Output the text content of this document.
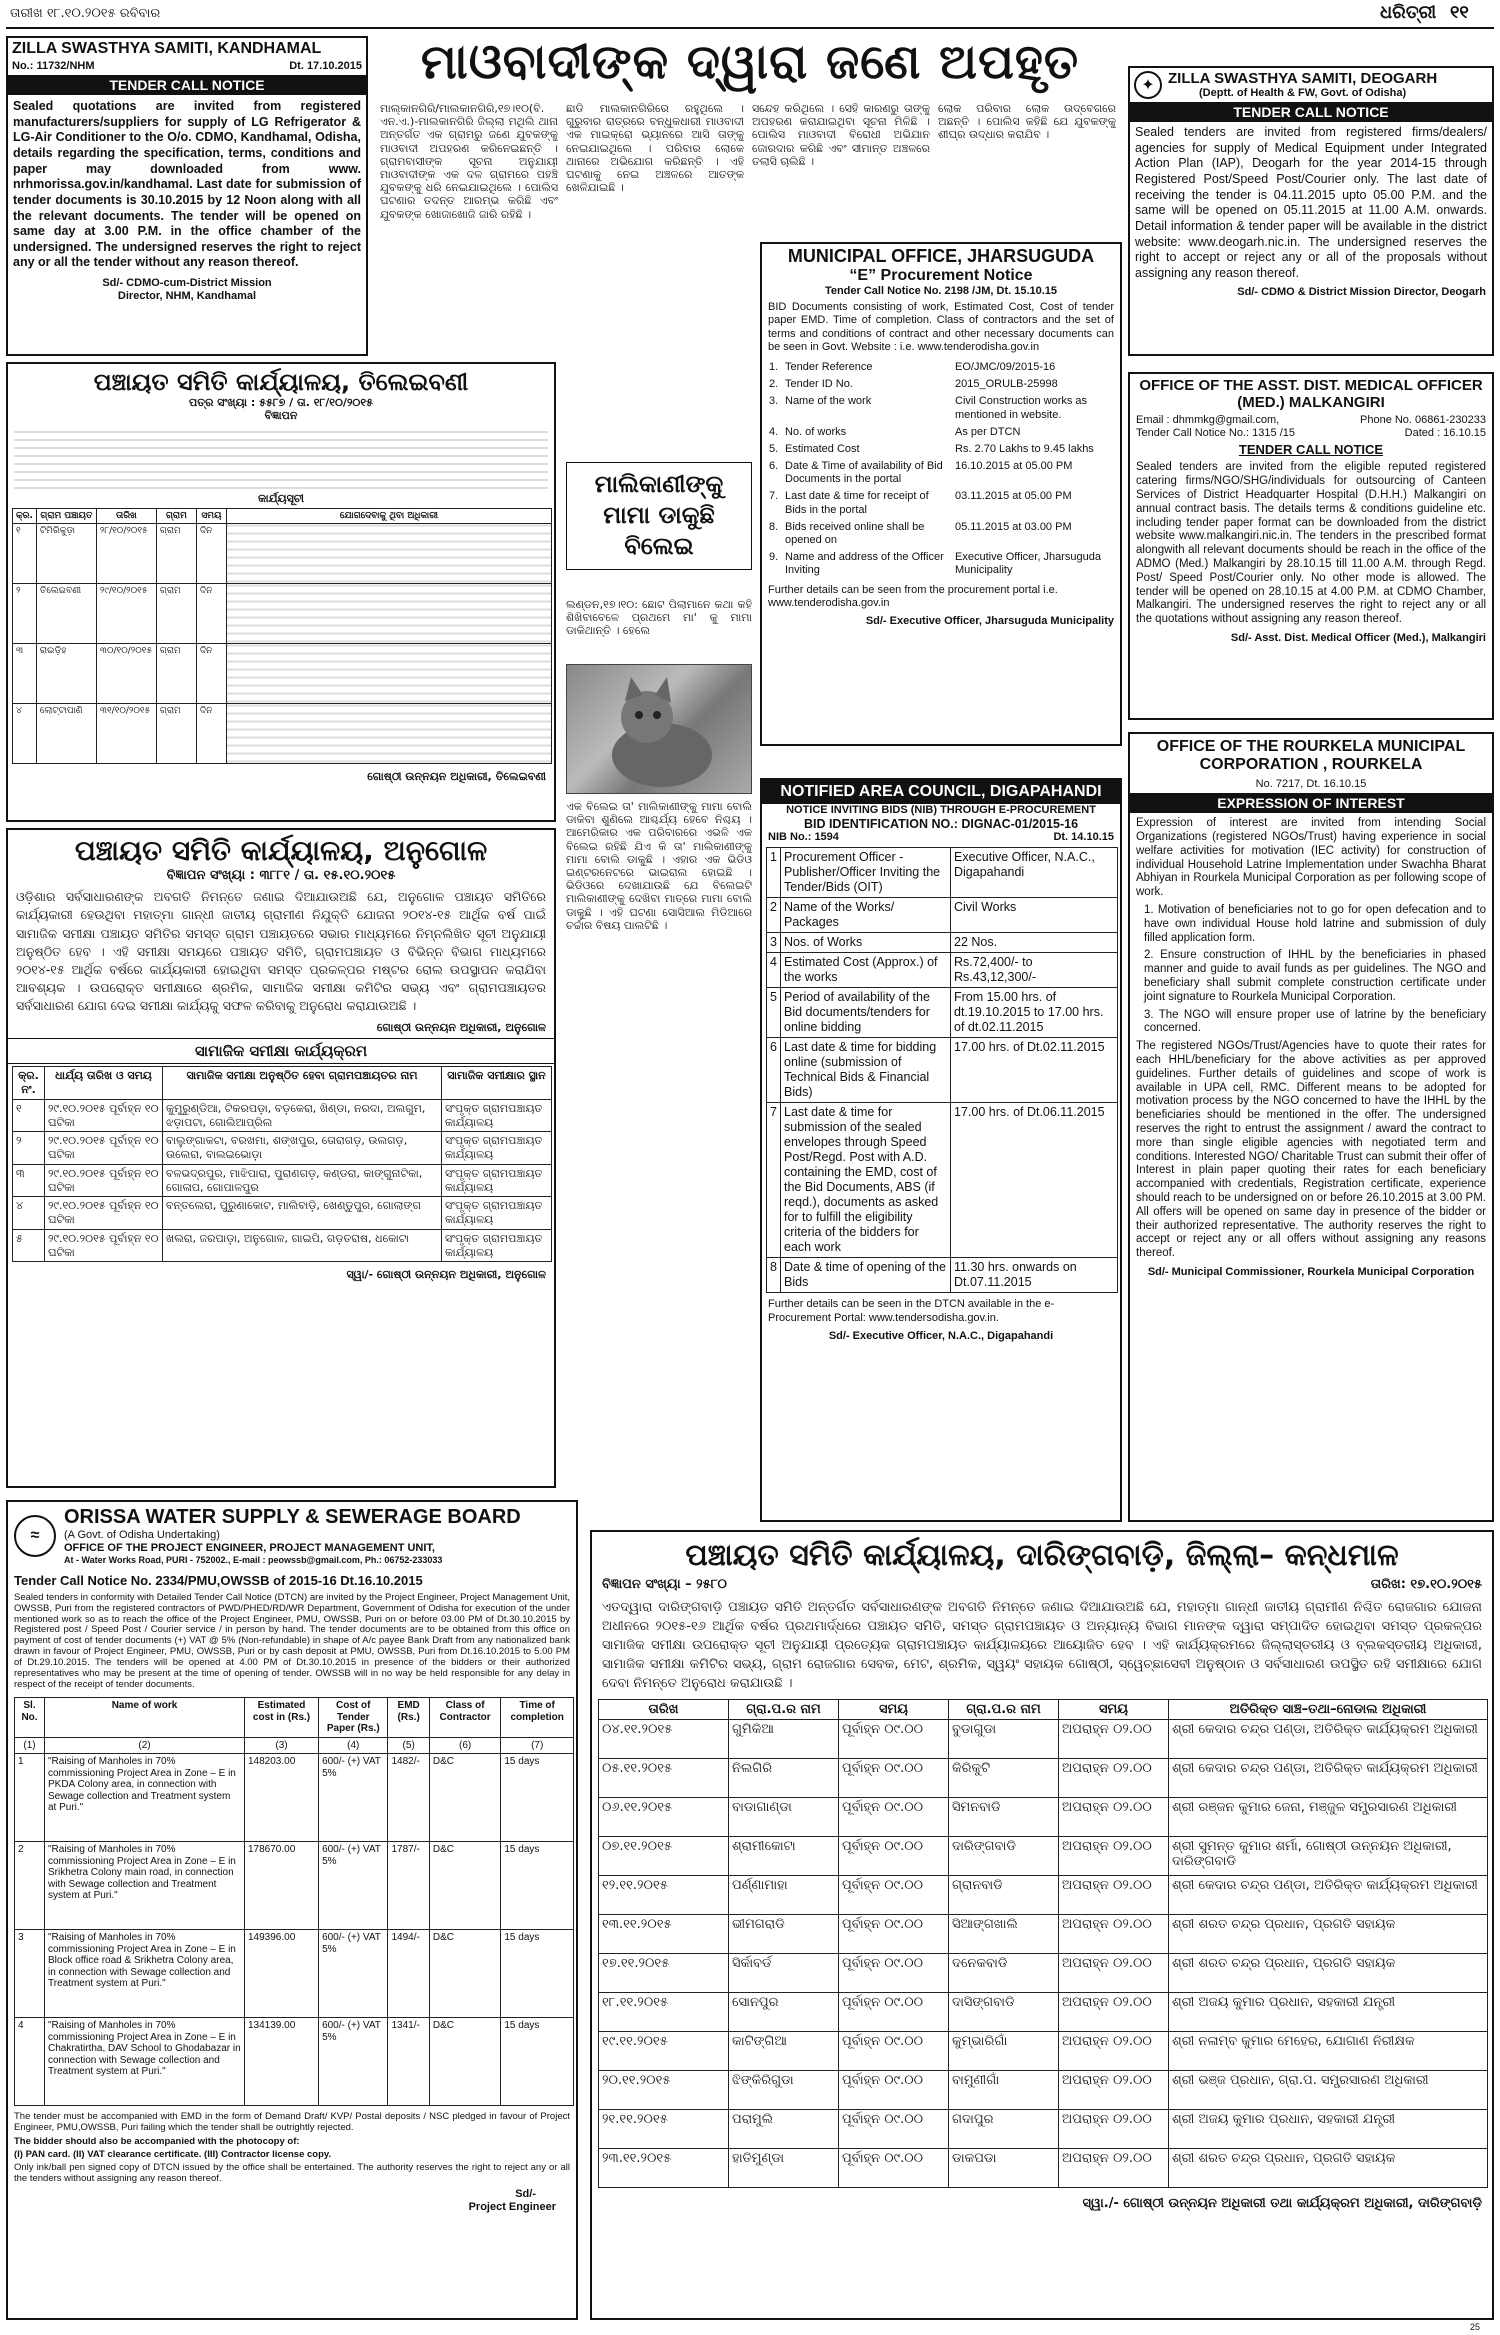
ତାରୀଖ ୧୮.୧୦.୨୦୧୫ ରବିବାର	ଧରିତ୍ରୀ ୧୧
ZILLA SWASTHYA SAMITI, KANDHAMAL
No.: 11732/NHM	Dt. 17.10.2015
TENDER CALL NOTICE
Sealed quotations are invited from registered manufacturers/suppliers for supply of LG Refrigerator & LG-Air Conditioner to the O/o. CDMO, Kandhamal, Odisha, details regarding the specification, terms, conditions and paper may downloaded from www. nrhmorissa.gov.in/kandhamal. Last date for submission of tender documents is 30.10.2015 by 12 Noon along with all the relevant documents. The tender will be opened on same day at 3.00 P.M. in the office chamber of the undersigned. The undersigned reserves the right to reject any or all the tender without any reason thereof.
Sd/- CDMO-cum-District Mission
Director, NHM, Kandhamal
ମାଓବାଦୀଙ୍କ ଦ୍ୱାରା ଜଣେ ଅପହୃତ
ମାଲ୍କାନଗିରି/ମାଲକାନଗିରି,୧୭।୧୦(ବି. ଏନ.ଏ.)-ମାଲକାନଗିରି ଜିଲ୍ଲା ମଥିଲି ଥାନା ଅନ୍ତର୍ଗତ ଏକ ଗ୍ରାମରୁ ଜଣେ ଯୁବକଙ୍କୁ ମାଓବାଦୀ ଅପହରଣ କରିନେଇଛନ୍ତି । ଗ୍ରାମବାସୀଙ୍କ ସୂଚନା ଅନୁଯାୟୀ ମାଓବାଦୀଙ୍କ ଏକ ଦଳ ଗ୍ରାମରେ ପହଞ୍ଚି ଯୁବକଙ୍କୁ ଧରି ନେଇଯାଇଥିଲେ । ପୋଲିସ ଘଟଣାର ତଦନ୍ତ ଆରମ୍ଭ କରିଛି ଏବଂ ଯୁବକଙ୍କ ଖୋଜାଖୋଜି ଜାରି ରହିଛି ।
ଛାଡି ମାଲକାନଗିରିରେ ରହୁଥିଲେ । ଗୁରୁବାର ରାତ୍ରରେ ବନ୍ଧୁକଧାରୀ ମାଓବାଦୀ ଏକ ମାଇକ୍ରୋ ଭ୍ୟାନରେ ଆସି ତାଙ୍କୁ ନେଇଯାଇଥିଲେ । ପରିବାର ଲୋକେ ଥାନାରେ ଅଭିଯୋଗ କରିଛନ୍ତି । ଏହି ଘଟଣାକୁ ନେଇ ଅଞ୍ଚଳରେ ଆତଙ୍କ ଖେଳିଯାଇଛି ।
ସନ୍ଦେହ କରିଥିଲେ । ସେହି କାରଣରୁ ତାଙ୍କୁ ଅପହରଣ କରାଯାଇଥିବା ସୂଚନା ମିଳିଛି । ପୋଲିସ ମାଓବାଦୀ ବିରୋଧୀ ଅଭିଯାନ ଜୋରଦାର କରିଛି ଏବଂ ସୀମାନ୍ତ ଅଞ୍ଚଳରେ ତଲାସି ଚାଲିଛି ।
ଲୋକ ପରିବାର ଲୋକ ଉଦ୍ବେଗରେ ଅଛନ୍ତି । ପୋଲିସ କହିଛି ଯେ ଯୁବକଙ୍କୁ ଶୀଘ୍ର ଉଦ୍ଧାର କରାଯିବ ।
✦ ZILLA SWASTHYA SAMITI, DEOGARH
(Deptt. of Health & FW, Govt. of Odisha)
TENDER CALL NOTICE
Sealed tenders are invited from registered firms/dealers/ agencies for supply of Medical Equipment under Integrated Action Plan (IAP), Deogarh for the year 2014-15 through Registered Post/Speed Post/Courier only. The last date of receiving the tender is 04.11.2015 upto 05.00 P.M. and the same will be opened on 05.11.2015 at 11.00 A.M. onwards. Detail information & tender paper will be available in the district website: www.deogarh.nic.in. The undersigned reserves the right to accept or reject any or all of the proposals without assigning any reason thereof.
Sd/- CDMO & District Mission Director, Deogarh
ପଞ୍ଚାୟତ ସମିତି କାର୍ଯ୍ୟାଳୟ, ତିଲେଇବଣୀ
ପତ୍ର ସଂଖ୍ୟା : ୫୫୮୭ / ତା. ୧୮/୧୦/୨୦୧୫
ବିଜ୍ଞାପନ
କାର୍ଯ୍ୟସୂଚୀ
କ୍ର.	ଗ୍ରାମ ପଞ୍ଚାୟତ	ତାରିଖ	ଗ୍ରାମ	ସମୟ	ଯୋଗଦେବାକୁ ଥିବା ଅଧିକାରୀ
୧	ଟିମିରିକୁଡ଼ା	୨୮/୧୦/୨୦୧୫	ଗ୍ରାମ	ଦିନ	
୨	ତିଲେଇବଣୀ	୨୯/୧୦/୨୦୧୫	ଗ୍ରାମ	ଦିନ	
୩	ରାଇଡ଼ିହ	୩୦/୧୦/୨୦୧୫	ଗ୍ରାମ	ଦିନ	
୪	ଲୋଟ୍ଟାପାଣି	୩୧/୧୦/୨୦୧୫	ଗ୍ରାମ	ଦିନ	
ଗୋଷ୍ଠୀ ଉନ୍ନୟନ ଅଧିକାରୀ, ତିଲେଇବଣୀ
MUNICIPAL OFFICE, JHARSUGUDA
“E” Procurement Notice
Tender Call Notice No. 2198 /JM, Dt. 15.10.15
BID Documents consisting of work, Estimated Cost, Cost of tender paper EMD. Time of completion. Class of contractors and the set of terms and conditions of contract and other necessary documents can be seen in Govt. Website : i.e. www.tenderodisha.gov.in
1.	Tender Reference	EO/JMC/09/2015-16
2.	Tender ID No.	2015_ORULB-25998
3.	Name of the work	Civil Construction works as mentioned in website.
4.	No. of works	As per DTCN
5.	Estimated Cost	Rs. 2.70 Lakhs to 9.45 lakhs
6.	Date & Time of availability of Bid Documents in the portal	16.10.2015 at 05.00 PM
7.	Last date & time for receipt of Bids in the portal	03.11.2015 at 05.00 PM
8.	Bids received online shall be opened on	05.11.2015 at 03.00 PM
9.	Name and address of the Officer Inviting	Executive Officer, Jharsuguda Municipality
Further details can be seen from the procurement portal i.e. www.tenderodisha.gov.in
Sd/- Executive Officer, Jharsuguda Municipality
ମାଲିକାଣୀଙ୍କୁ ମାମା ଡାକୁଛି ବିଲେଇ
ଲଣ୍ଡନ,୧୭।୧୦: ଛୋଟ ପିଲାମାନେ କଥା କହି ଶିଖିବାବେଳେ ପ୍ରଥମେ ମା' କୁ ମାମା ଡାକିଥାନ୍ତି । ହେଲେ
ଏକ ବିଲେଇ ତା' ମାଲିକାଣୀଙ୍କୁ ମାମା ବୋଲି ଡାକିବା ଶୁଣିଲେ ଆଶ୍ଚର୍ଯ୍ୟ ହେବେ ନିଶ୍ଚୟ । ଆମେରିକାର ଏକ ପରିବାରରେ ଏଭଳି ଏକ ବିଲେଇ ରହିଛି ଯିଏ କି ତା' ମାଲିକାଣୀଙ୍କୁ ମାମା ବୋଲି ଡାକୁଛି । ଏହାର ଏକ ଭିଡିଓ ଇଣ୍ଟରନେଟରେ ଭାଇରାଲ ହୋଇଛି । ଭିଡିଓରେ ଦେଖାଯାଉଛି ଯେ ବିଲେଇଟି ମାଲିକାଣୀଙ୍କୁ ଦେଖିବା ମାତ୍ରେ ମାମା ବୋଲି ଡାକୁଛି । ଏହି ଘଟଣା ସୋସିଆଲ ମିଡିଆରେ ଚର୍ଚ୍ଚାର ବିଷୟ ପାଲଟିଛି ।
OFFICE OF THE ASST. DIST. MEDICAL OFFICER (MED.) MALKANGIRI
Email : dhmmkg@gmail.com,	Phone No. 06861-230233
Tender Call Notice No.: 1315 /15	Dated : 16.10.15
TENDER CALL NOTICE
Sealed tenders are invited from the eligible reputed registered catering firms/NGO/SHG/individuals for outsourcing of Canteen Services of District Headquarter Hospital (D.H.H.) Malkangiri on annual contract basis. The details terms & conditions guideline etc. including tender paper format can be downloaded from the district website www.malkangiri.nic.in. The tenders in the prescribed format alongwith all relevant documents should be reach in the office of the ADMO (Med.) Malkangiri by 28.10.15 till 11.00 A.M. through Regd. Post/ Speed Post/Courier only. No other mode is allowed. The tender will be opened on 28.10.15 at 4.00 P.M. at CDMO Chamber, Malkangiri. The undersigned reserves the right to reject any or all the quotations without assigning any reason thereof.
Sd/- Asst. Dist. Medical Officer (Med.), Malkangiri
OFFICE OF THE ROURKELA MUNICIPAL CORPORATION , ROURKELA
No. 7217, Dt. 16.10.15
EXPRESSION OF INTEREST
Expression of interest are invited from intending Social Organizations (registered NGOs/Trust) having experience in social welfare activities for motivation (IEC activity) for construction of individual Household Latrine Implementation under Swachha Bharat Abhiyan in Rourkela Municipal Corporation as per following scope of work.
1. Motivation of beneficiaries not to go for open defecation and to have own individual House hold latrine and submission of duly filled application form.
2. Ensure construction of IHHL by the beneficiaries in phased manner and guide to avail funds as per guidelines. The NGO and beneficiary shall submit complete construction certificate under joint signature to Rourkela Municipal Corporation.
3. The NGO will ensure proper use of latrine by the beneficiary concerned.
The registered NGOs/Trust/Agencies have to quote their rates for each HHL/beneficiary for the above activities as per approved guidelines. Further details of guidelines and scope of work is available in UPA cell, RMC. Different means to be adopted for motivation process by the NGO concerned to have the IHHL by the beneficiaries should be mentioned in the offer. The undersigned reserves the right to entrust the assignment / award the contract to more than single eligible agencies with negotiated term and conditions. Interested NGO/ Charitable Trust can submit their offer of Interest in plain paper quoting their rates for each beneficiary accompanied with credentials, Registration certificate, experience should reach to be undersigned on or before 26.10.2015 at 3.00 PM. All offers will be opened on same day in presence of the bidder or their authorized representative. The authority reserves the right to accept or reject any or all offers without assigning any reasons thereof.
Sd/- Municipal Commissioner, Rourkela Municipal Corporation
NOTIFIED AREA COUNCIL, DIGAPAHANDI
NOTICE INVITING BIDS (NIB) THROUGH E-PROCUREMENT
BID IDENTIFICATION NO.: DIGNAC-01/2015-16
NIB No.: 1594	Dt. 14.10.15
1	Procurement Officer - Publisher/Officer Inviting the Tender/Bids (OIT)	Executive Officer, N.A.C., Digapahandi
2	Name of the Works/ Packages	Civil Works
3	Nos. of Works	22 Nos.
4	Estimated Cost (Approx.) of the works	Rs.72,400/- to Rs.43,12,300/-
5	Period of availability of the Bid documents/tenders for online bidding	From 15.00 hrs. of dt.19.10.2015 to 17.00 hrs. of dt.02.11.2015
6	Last date & time for bidding online (submission of Technical Bids & Financial Bids)	17.00 hrs. of Dt.02.11.2015
7	Last date & time for submission of the sealed envelopes through Speed Post/Regd. Post with A.D. containing the EMD, cost of the Bid Documents, ABS (if reqd.), documents as asked for to fulfill the eligibility criteria of the bidders for each work	17.00 hrs. of Dt.06.11.2015
8	Date & time of opening of the Bids	11.30 hrs. onwards on Dt.07.11.2015
Further details can be seen in the DTCN available in the e-Procurement Portal: www.tendersodisha.gov.in.
Sd/- Executive Officer, N.A.C., Digapahandi
ପଞ୍ଚାୟତ ସମିତି କାର୍ଯ୍ୟାଳୟ, ଅନୁଗୋଳ
ବିଜ୍ଞାପନ ସଂଖ୍ୟା : ୩୮୮୧ / ତା. ୧୫.୧୦.୨୦୧୫
ଓଡ଼ିଶାର ସର୍ବସାଧାରଣଙ୍କ ଅବଗତି ନିମନ୍ତେ ଜଣାଇ ଦିଆଯାଉଅଛି ଯେ, ଅନୁଗୋଳ ପଞ୍ଚାୟତ ସମିତିରେ କାର୍ଯ୍ୟକାରୀ ହେଉଥିବା ମହାତ୍ମା ଗାନ୍ଧୀ ଜାତୀୟ ଗ୍ରାମୀଣ ନିଯୁକ୍ତି ଯୋଜନା ୨୦୧୪-୧୫ ଆର୍ଥିକ ବର୍ଷ ପାଇଁ ସାମାଜିକ ସମୀକ୍ଷା ପଞ୍ଚାୟତ ସମିତିର ସମସ୍ତ ଗ୍ରାମ ପଞ୍ଚାୟତରେ ସଭାର ମାଧ୍ୟମରେ ନିମ୍ନଲିଖିତ ସୂଚୀ ଅନୁଯାୟୀ ଅନୁଷ୍ଠିତ ହେବ । ଏହି ସମୀକ୍ଷା ସମୟରେ ପଞ୍ଚାୟତ ସମିତି, ଗ୍ରାମପଞ୍ଚାୟତ ଓ ବିଭିନ୍ନ ବିଭାଗ ମାଧ୍ୟମରେ ୨୦୧୪-୧୫ ଆର୍ଥିକ ବର୍ଷରେ କାର୍ଯ୍ୟକାରୀ ହୋଇଥିବା ସମସ୍ତ ପ୍ରକଳ୍ପର ମଷ୍ଟର ରୋଲ ଉପସ୍ଥାପନ କରାଯିବା ଆବଶ୍ୟକ । ଉପରୋକ୍ତ ସମୀକ୍ଷାରେ ଶ୍ରମିକ, ସାମାଜିକ ସମୀକ୍ଷା କମିଟିର ସଭ୍ୟ ଏବଂ ଗ୍ରାମପଞ୍ଚାୟତର ସର୍ବସାଧାରଣ ଯୋଗ ଦେଇ ସମୀକ୍ଷା କାର୍ଯ୍ୟକୁ ସଫଳ କରିବାକୁ ଅନୁରୋଧ କରାଯାଉଅଛି ।
ଗୋଷ୍ଠୀ ଉନ୍ନୟନ ଅଧିକାରୀ, ଅନୁଗୋଳ
ସାମାଜିକ ସମୀକ୍ଷା କାର୍ଯ୍ୟକ୍ରମ
କ୍ର. ନଂ.	ଧାର୍ଯ୍ୟ ତାରିଖ ଓ ସମୟ	ସାମାଜିକ ସମୀକ୍ଷା ଅନୁଷ୍ଠିତ ହେବା ଗ୍ରାମପଞ୍ଚାୟତର ନାମ	ସାମାଜିକ ସମୀକ୍ଷାର ସ୍ଥାନ
୧	୨୯.୧୦.୨୦୧୫ ପୂର୍ବାହ୍ନ ୧୦ ଘଟିକା	କୁମୁରୁଣ୍ଡିଆ, ଟିକରପଡ଼ା, ବଡ଼କେରା, ଖିଣ୍ଡା, ନରଦା, ଅଲଗୁମ, ଝଡ଼ାପଟା, ଗୋଲିଆପ୍ରିଲ	ସଂପୃକ୍ତ ଗ୍ରାମପଞ୍ଚାୟତ କାର୍ଯ୍ୟାଳୟ
୨	୨୯.୧୦.୨୦୧୫ ପୂର୍ବାହ୍ନ ୧୦ ଘଟିକା	ବାଲୁଙ୍ଗାକଟା, ବରଖମା, ଶଙ୍ଖପୁର, ତୋରାଗଡ଼, ଉଲଗଡ଼, ଉଲେରା, ବାଲଇଭୋଡ଼ା	ସଂପୃକ୍ତ ଗ୍ରାମପଞ୍ଚାୟତ କାର୍ଯ୍ୟାଳୟ
୩	୨୯.୧୦.୨୦୧୫ ପୂର୍ବାହ୍ନ ୧୦ ଘଟିକା	ବଳଭଦ୍ରପୁର, ମାଝିପାରା, ପୁରାଣଗଡ଼, କଣ୍ଡରା, କାଙ୍ଗୁନାଟିକା, ଗୋଳାପ, ଗୋପାଳପୁର	ସଂପୃକ୍ତ ଗ୍ରାମପଞ୍ଚାୟତ କାର୍ଯ୍ୟାଳୟ
୪	୨୯.୧୦.୨୦୧୫ ପୂର୍ବାହ୍ନ ୧୦ ଘଟିକା	ବନ୍ତଲେରା, ପୁରୁଣାକୋଟ, ମାଲିବାଡ଼ି, ଖେଣ୍ଡୁପୁର, ଗୋଲାଙ୍ଗ	ସଂପୃକ୍ତ ଗ୍ରାମପଞ୍ଚାୟତ କାର୍ଯ୍ୟାଳୟ
୫	୨୯.୧୦.୨୦୧୫ ପୂର୍ବାହ୍ନ ୧୦ ଘଟିକା	ଖଲରା, ଜରପାଡ଼ା, ଅନୁଗୋଳ, ଗାଇପି, ଗଡ଼ତରାଷ, ଧକୋଟା	ସଂପୃକ୍ତ ଗ୍ରାମପଞ୍ଚାୟତ କାର୍ଯ୍ୟାଳୟ
ସ୍ୱା/- ଗୋଷ୍ଠୀ ଉନ୍ନୟନ ଅଧିକାରୀ, ଅନୁଗୋଳ
≈
ORISSA WATER SUPPLY & SEWERAGE BOARD
(A Govt. of Odisha Undertaking)
OFFICE OF THE PROJECT ENGINEER, PROJECT MANAGEMENT UNIT,
At - Water Works Road, PURI - 752002., E-mail : peowssb@gmail.com, Ph.: 06752-233033
Tender Call Notice No. 2334/PMU,OWSSB of 2015-16 Dt.16.10.2015
Sealed tenders in conformity with Detailed Tender Call Notice (DTCN) are invited by the Project Engineer, Project Management Unit, OWSSB, Puri from the registered contractors of PWD/PHED/RD/WR Department, Government of Odisha for execution of the under mentioned work so as to reach the office of the Project Engineer, PMU, OWSSB, Puri on or before 03.00 PM of Dt.30.10.2015 by Registered post / Speed Post / Courier service / in person by hand. The tender documents are to be obtained from this office on payment of cost of tender documents (+) VAT @ 5% (Non-refundable) in shape of A/c payee Bank Draft from any nationalized bank drawn in favour of Project Engineer, PMU, OWSSB, Puri or by cash deposit at PMU, OWSSB, Puri from Dt.16.10.2015 to 5.00 PM of Dt.29.10.2015. The tenders will be opened at 4.00 PM of Dt.30.10.2015 in presence of the bidders or their authorized representatives who may be present at the time of opening of tender. OWSSB will in no way be held responsible for any delay in respect of the receipt of tender documents.
Sl. No.	Name of work	Estimated cost in (Rs.)	Cost of Tender Paper (Rs.)	EMD (Rs.)	Class of Contractor	Time of completion
(1)	(2)	(3)	(4)	(5)	(6)	(7)
1	"Raising of Manholes in 70% commissioning Project Area in Zone – E in PKDA Colony area, in connection with Sewage collection and Treatment system at Puri."	148203.00	600/- (+) VAT 5%	1482/-	D&C	15 days
2	"Raising of Manholes in 70% commissioning Project Area in Zone – E in Srikhetra Colony main road, in connection with Sewage collection and Treatment system at Puri."	178670.00	600/- (+) VAT 5%	1787/-	D&C	15 days
3	"Raising of Manholes in 70% commissioning Project Area in Zone – E in Block office road & Srikhetra Colony area, in connection with Sewage collection and Treatment system at Puri."	149396.00	600/- (+) VAT 5%	1494/-	D&C	15 days
4	"Raising of Manholes in 70% commissioning Project Area in Zone – E in Chakratirtha, DAV School to Ghodabazar in connection with Sewage collection and Treatment system at Puri."	134139.00	600/- (+) VAT 5%	1341/-	D&C	15 days
The tender must be accompanied with EMD in the form of Demand Draft/ KVP/ Postal deposits / NSC pledged in favour of Project Engineer, PMU,OWSSB, Puri failing which the tender shall be outrightly rejected.
The bidder should also be accompanied with the photocopy of:
(I) PAN card. (II) VAT clearance certificate. (III) Contractor license copy.
Only ink/ball pen signed copy of DTCN issued by the office shall be entertained. The authority reserves the right to reject any or all the tenders without assigning any reason thereof.
Sd/-
Project Engineer
ପଞ୍ଚାୟତ ସମିତି କାର୍ଯ୍ୟାଳୟ, ଦାରିଙ୍ଗବାଡ଼ି, ଜିଲ୍ଲା– କନ୍ଧମାଳ
ବିଜ୍ଞାପନ ସଂଖ୍ୟା – ୨୫୮୦	ତାରିଖ: ୧୭.୧୦.୨୦୧୫
ଏତଦ୍ୱାରା ଦାରିଙ୍ଗବାଡ଼ି ପଞ୍ଚାୟତ ସମିତି ଅନ୍ତର୍ଗତ ସର୍ବସାଧାରଣଙ୍କ ଅବଗତି ନିମନ୍ତେ ଜଣାଇ ଦିଆଯାଉଅଛି ଯେ, ମହାତ୍ମା ଗାନ୍ଧୀ ଜାତୀୟ ଗ୍ରାମୀଣ ନିଶ୍ଚିତ ରୋଜଗାର ଯୋଜନା ଅଧୀନରେ ୨୦୧୫-୧୬ ଆର୍ଥିକ ବର୍ଷର ପ୍ରଥମାର୍ଦ୍ଧରେ ପଞ୍ଚାୟତ ସମିତି, ସମସ୍ତ ଗ୍ରାମପଞ୍ଚାୟତ ଓ ଅନ୍ୟାନ୍ୟ ବିଭାଗ ମାନଙ୍କ ଦ୍ୱାରା ସମ୍ପାଦିତ ହୋଇଥିବା ସମସ୍ତ ପ୍ରକଳ୍ପର ସାମାଜିକ ସମୀକ୍ଷା ଉପରୋକ୍ତ ସୂଚୀ ଅନୁଯାୟୀ ପ୍ରତ୍ୟେକ ଗ୍ରାମପଞ୍ଚାୟତ କାର୍ଯ୍ୟାଳୟରେ ଆୟୋଜିତ ହେବ । ଏହି କାର୍ଯ୍ୟକ୍ରମରେ ଜିଲ୍ଲାସ୍ତରୀୟ ଓ ବ୍ଲକସ୍ତରୀୟ ଅଧିକାରୀ, ସାମାଜିକ ସମୀକ୍ଷା କମିଟିର ସଭ୍ୟ, ଗ୍ରାମ ରୋଜଗାର ସେବକ, ମେଟ, ଶ୍ରମିକ, ସ୍ୱୟଂ ସହାୟକ ଗୋଷ୍ଠୀ, ସ୍ୱେଚ୍ଛାସେବୀ ଅନୁଷ୍ଠାନ ଓ ସର୍ବସାଧାରଣ ଉପସ୍ଥିତ ରହି ସମୀକ୍ଷାରେ ଯୋଗ ଦେବା ନିମନ୍ତେ ଅନୁରୋଧ କରାଯାଉଛି ।
ତାରିଖ	ଗ୍ରା.ପ.ର ନାମ	ସମୟ	ଗ୍ରା.ପ.ର ନାମ	ସମୟ	ଅତିରିକ୍ତ ସାଞ୍ଚ–ତଥା–ନୋଡାଲ ଅଧିକାରୀ
୦୪.୧୧.୨୦୧୫	ଗୁମିକିଆ	ପୂର୍ବାହ୍ନ ୦୯.୦୦	ବୁଡାଗୁଡା	ଅପରାହ୍ନ ୦୨.୦୦	ଶ୍ରୀ କେଦାର ଚନ୍ଦ୍ର ପଣ୍ଡା, ଅତିରିକ୍ତ କାର୍ଯ୍ୟକ୍ରମ ଅଧିକାରୀ
୦୫.୧୧.୨୦୧୫	ନିଲଗିରି	ପୂର୍ବାହ୍ନ ୦୯.୦୦	କିରିକୁଟି	ଅପରାହ୍ନ ୦୨.୦୦	ଶ୍ରୀ କେଦାର ଚନ୍ଦ୍ର ପଣ୍ଡା, ଅତିରିକ୍ତ କାର୍ଯ୍ୟକ୍ରମ ଅଧିକାରୀ
୦୬.୧୧.୨୦୧୫	ବାଡାଗାଣ୍ଡା	ପୂର୍ବାହ୍ନ ୦୯.୦୦	ସିମନବାଡି	ଅପରାହ୍ନ ୦୨.୦୦	ଶ୍ରୀ ରଞ୍ଜନ କୁମାର ଜେନା, ମଞ୍ଜୁଳ ସମ୍ପ୍ରସାରଣ ଅଧିକାରୀ
୦୭.୧୧.୨୦୧୫	ଶ୍ରାମୀକୋଟା	ପୂର୍ବାହ୍ନ ୦୯.୦୦	ଦାରିଙ୍ଗବାଡି	ଅପରାହ୍ନ ୦୨.୦୦	ଶ୍ରୀ ସୁମନ୍ତ କୁମାର ଶର୍ମା, ଗୋଷ୍ଠୀ ଉନ୍ନୟନ ଅଧିକାରୀ, ଦାରିଙ୍ଗବାଡି
୧୨.୧୧.୨୦୧୫	ପର୍ଣ୍ଣାମାହା	ପୂର୍ବାହ୍ନ ୦୯.୦୦	ଗ୍ରାନବାଡି	ଅପରାହ୍ନ ୦୨.୦୦	ଶ୍ରୀ କେଦାର ଚନ୍ଦ୍ର ପଣ୍ଡା, ଅତିରିକ୍ତ କାର୍ଯ୍ୟକ୍ରମ ଅଧିକାରୀ
୧୩.୧୧.୨୦୧୫	ଭୀମଗରାଡି	ପୂର୍ବାହ୍ନ ୦୯.୦୦	ସିଆଙ୍ଗଖାଲି	ଅପରାହ୍ନ ୦୨.୦୦	ଶ୍ରୀ ଶରତ ଚନ୍ଦ୍ର ପ୍ରଧାନ, ପ୍ରଗତି ସହାୟକ
୧୭.୧୧.୨୦୧୫	ସିର୍କାବର୍ଡ	ପୂର୍ବାହ୍ନ ୦୯.୦୦	ଦନେକବାଡି	ଅପରାହ୍ନ ୦୨.୦୦	ଶ୍ରୀ ଶରତ ଚନ୍ଦ୍ର ପ୍ରଧାନ, ପ୍ରଗତି ସହାୟକ
୧୮.୧୧.୨୦୧୫	ସୋନପୁର	ପୂର୍ବାହ୍ନ ୦୯.୦୦	ଦାସିଙ୍ଗବାଡି	ଅପରାହ୍ନ ୦୨.୦୦	ଶ୍ରୀ ଅଜୟ କୁମାର ପ୍ରଧାନ, ସହକାରୀ ଯନ୍ତ୍ରୀ
୧୯.୧୧.୨୦୧୫	କାଟିଙ୍ଗିଆ	ପୂର୍ବାହ୍ନ ୦୯.୦୦	କୁମ୍ଭାରିଗାଁ	ଅପରାହ୍ନ ୦୨.୦୦	ଶ୍ରୀ ନଳାମ୍ବ କୁମାର ମେହେର, ଯୋଗାଣ ନିରୀକ୍ଷକ
୨୦.୧୧.୨୦୧୫	ଝିଙ୍କିରିଗୁଡା	ପୂର୍ବାହ୍ନ ୦୯.୦୦	ବାମୁଣୀଗାଁ	ଅପରାହ୍ନ ୦୨.୦୦	ଶ୍ରୀ ଭଞ୍ଜ ପ୍ରଧାନ, ଗ୍ରା.ପ. ସମ୍ପ୍ରସାରଣ ଅଧିକାରୀ
୨୧.୧୧.୨୦୧୫	ପରାମୁଲି	ପୂର୍ବାହ୍ନ ୦୯.୦୦	ଗଦାପୁର	ଅପରାହ୍ନ ୦୨.୦୦	ଶ୍ରୀ ଅଜୟ କୁମାର ପ୍ରଧାନ, ସହକାରୀ ଯନ୍ତ୍ରୀ
୨୩.୧୧.୨୦୧୫	ହାତିମୁଣ୍ଡା	ପୂର୍ବାହ୍ନ ୦୯.୦୦	ଡାକପଡା	ଅପରାହ୍ନ ୦୨.୦୦	ଶ୍ରୀ ଶରତ ଚନ୍ଦ୍ର ପ୍ରଧାନ, ପ୍ରଗତି ସହାୟକ
ସ୍ୱା./- ଗୋଷ୍ଠୀ ଉନ୍ନୟନ ଅଧିକାରୀ ତଥା କାର୍ଯ୍ୟକ୍ରମ ଅଧିକାରୀ, ଦାରିଙ୍ଗବାଡ଼ି
25
